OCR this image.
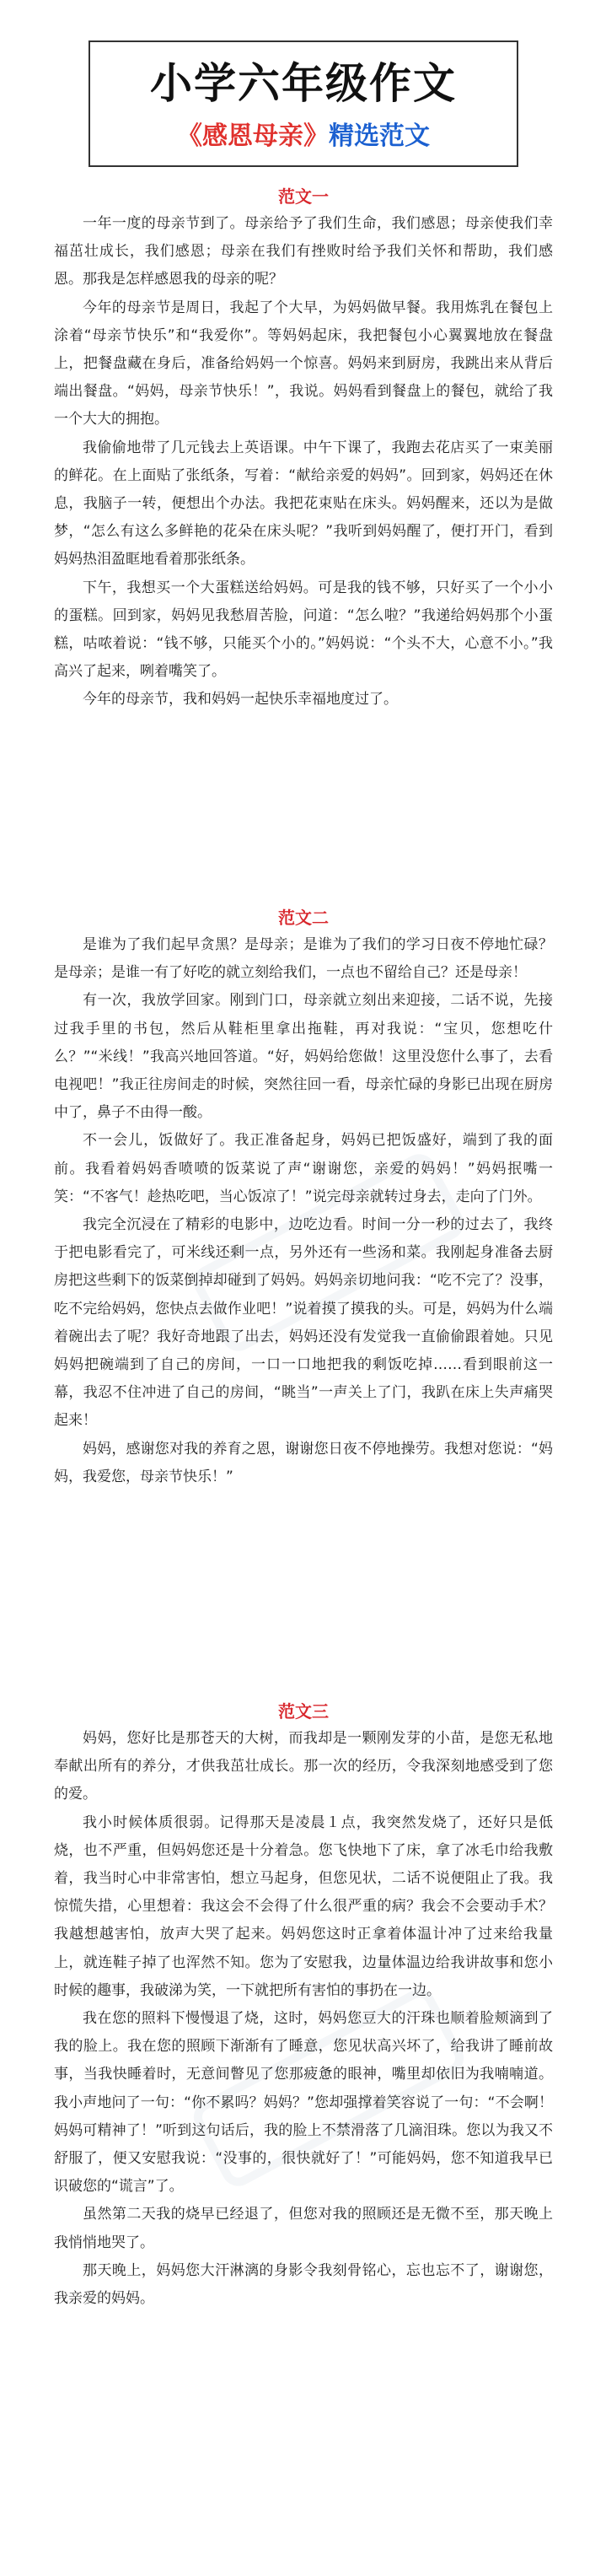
小学六年级作文
《感恩母亲》精选范文
范文一

一年一度的母亲节到了。母亲给予了我们生命，我们感恩；母亲使我们幸福茁壮成长，我们感恩；母亲在我们有挫败时给予我们关怀和帮助，我们感恩。那我是怎样感恩我的母亲的呢？

今年的母亲节是周日，我起了个大早，为妈妈做早餐。我用炼乳在餐包上涂着“母亲节快乐”和“我爱你”。等妈妈起床，我把餐包小心翼翼地放在餐盘上，把餐盘藏在身后，准备给妈妈一个惊喜。妈妈来到厨房，我跳出来从背后端出餐盘。“妈妈，母亲节快乐！”，我说。妈妈看到餐盘上的餐包，就给了我一个大大的拥抱。

我偷偷地带了几元钱去上英语课。中午下课了，我跑去花店买了一束美丽的鲜花。在上面贴了张纸条，写着：“献给亲爱的妈妈”。回到家，妈妈还在休息，我脑子一转，便想出个办法。我把花束贴在床头。妈妈醒来，还以为是做梦，“怎么有这么多鲜艳的花朵在床头呢？”我听到妈妈醒了，便打开门，看到妈妈热泪盈眶地看着那张纸条。

下午，我想买一个大蛋糕送给妈妈。可是我的钱不够，只好买了一个小小的蛋糕。回到家，妈妈见我愁眉苦脸，问道：“怎么啦？”我递给妈妈那个小蛋糕，咕哝着说：“钱不够，只能买个小的。”妈妈说：“个头不大，心意不小。”我高兴了起来，咧着嘴笑了。

今年的母亲节，我和妈妈一起快乐幸福地度过了。

范文二

是谁为了我们起早贪黑？是母亲；是谁为了我们的学习日夜不停地忙碌？是母亲；是谁一有了好吃的就立刻给我们，一点也不留给自己？还是母亲！

有一次，我放学回家。刚到门口，母亲就立刻出来迎接，二话不说，先接过我手里的书包，然后从鞋柜里拿出拖鞋，再对我说：“宝贝，您想吃什么？”“米线！”我高兴地回答道。“好，妈妈给您做！这里没您什么事了，去看电视吧！”我正往房间走的时候，突然往回一看，母亲忙碌的身影已出现在厨房中了，鼻子不由得一酸。

不一会儿，饭做好了。我正准备起身，妈妈已把饭盛好，端到了我的面前。我看着妈妈香喷喷的饭菜说了声“谢谢您，亲爱的妈妈！”妈妈抿嘴一笑：“不客气！趁热吃吧，当心饭凉了！”说完母亲就转过身去，走向了门外。

我完全沉浸在了精彩的电影中，边吃边看。时间一分一秒的过去了，我终于把电影看完了，可米线还剩一点，另外还有一些汤和菜。我刚起身准备去厨房把这些剩下的饭菜倒掉却碰到了妈妈。妈妈亲切地问我：“吃不完了？没事，吃不完给妈妈，您快点去做作业吧！”说着摸了摸我的头。可是，妈妈为什么端着碗出去了呢？我好奇地跟了出去，妈妈还没有发觉我一直偷偷跟着她。只见妈妈把碗端到了自己的房间，一口一口地把我的剩饭吃掉……看到眼前这一幕，我忍不住冲进了自己的房间，“眺当”一声关上了门，我趴在床上失声痛哭起来！

妈妈，感谢您对我的养育之恩，谢谢您日夜不停地操劳。我想对您说：“妈妈，我爱您，母亲节快乐！”

范文三

妈妈，您好比是那苍天的大树，而我却是一颗刚发芽的小苗，是您无私地奉献出所有的养分，才供我茁壮成长。那一次的经历，令我深刻地感受到了您的爱。

我小时候体质很弱。记得那天是凌晨１点，我突然发烧了，还好只是低烧，也不严重，但妈妈您还是十分着急。您飞快地下了床，拿了冰毛巾给我敷着，我当时心中非常害怕，想立马起身，但您见状，二话不说便阻止了我。我惊慌失措，心里想着：我这会不会得了什么很严重的病？我会不会要动手术？我越想越害怕，放声大哭了起来。妈妈您这时正拿着体温计冲了过来给我量上，就连鞋子掉了也浑然不知。您为了安慰我，边量体温边给我讲故事和您小时候的趣事，我破涕为笑，一下就把所有害怕的事扔在一边。

我在您的照料下慢慢退了烧，这时，妈妈您豆大的汗珠也顺着脸颊滴到了我的脸上。我在您的照顾下渐渐有了睡意，您见状高兴坏了，给我讲了睡前故事，当我快睡着时，无意间瞥见了您那疲惫的眼神，嘴里却依旧为我喃喃道。我小声地问了一句：“你不累吗？妈妈？”您却强撑着笑容说了一句：“不会啊！妈妈可精神了！”听到这句话后，我的脸上不禁滑落了几滴泪珠。您以为我又不舒服了，便又安慰我说：“没事的，很快就好了！”可能妈妈，您不知道我早已识破您的“谎言”了。

虽然第二天我的烧早已经退了，但您对我的照顾还是无微不至，那天晚上我悄悄地哭了。

那天晚上，妈妈您大汗淋漓的身影令我刻骨铭心，忘也忘不了，谢谢您，我亲爱的妈妈。
